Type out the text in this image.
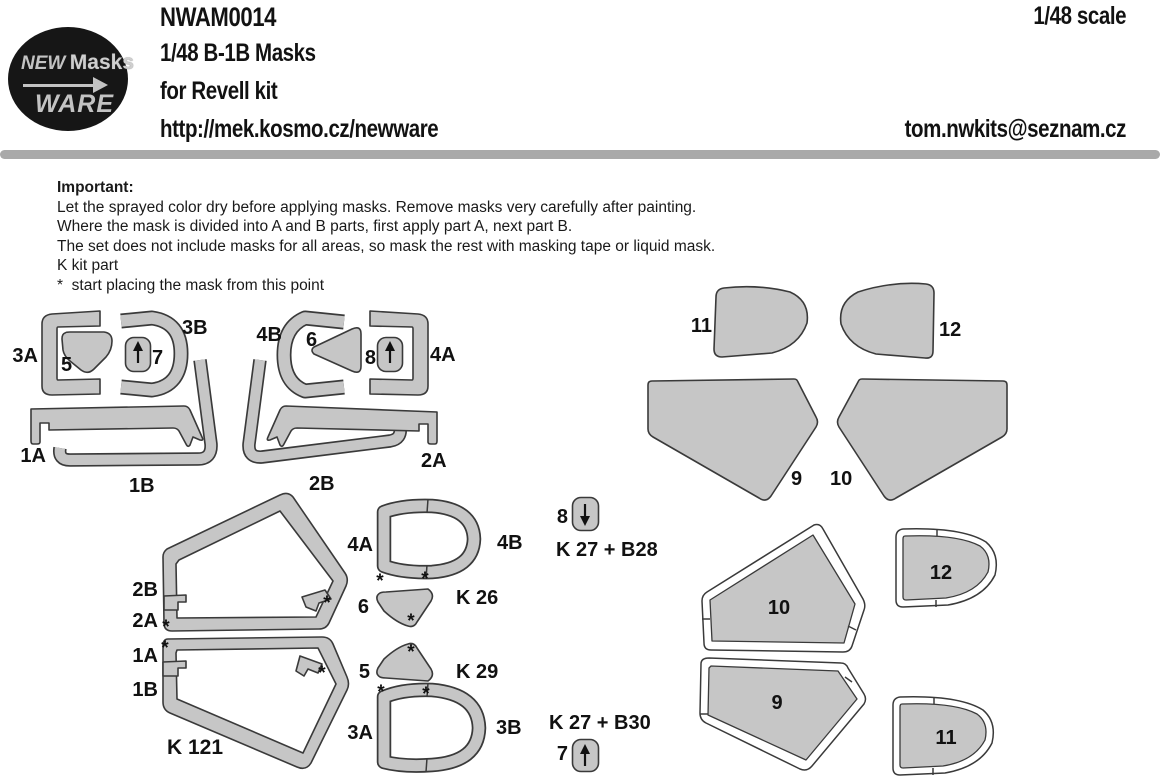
NEW Masks
WARE
NWAM0014
1/48 B-1B Masks
for Revell kit
http://mek.kosmo.cz/newware
1/48 scale
tom.nwkits@seznam.cz
Important:
Let the sprayed color dry before applying masks. Remove masks very carefully after painting.
Where the mask is divided into A and B parts, first apply part A, next part B.
The set does not include masks for all areas, so mask the rest with masking tape or liquid mask.
K kit part
*  start placing the mask from this point
3A
3B
5	7
4B 6
8	4A
1A
1B	2B
2A
11	12
9 10
8
K 27 + B28
4A	4B
K 26
6
5	K 29
3A	3B
2B
2A
1A
1B
K 121
K 27 + B30
7
10
12
9
11
*
*
*
*
* *
*
*
* *
